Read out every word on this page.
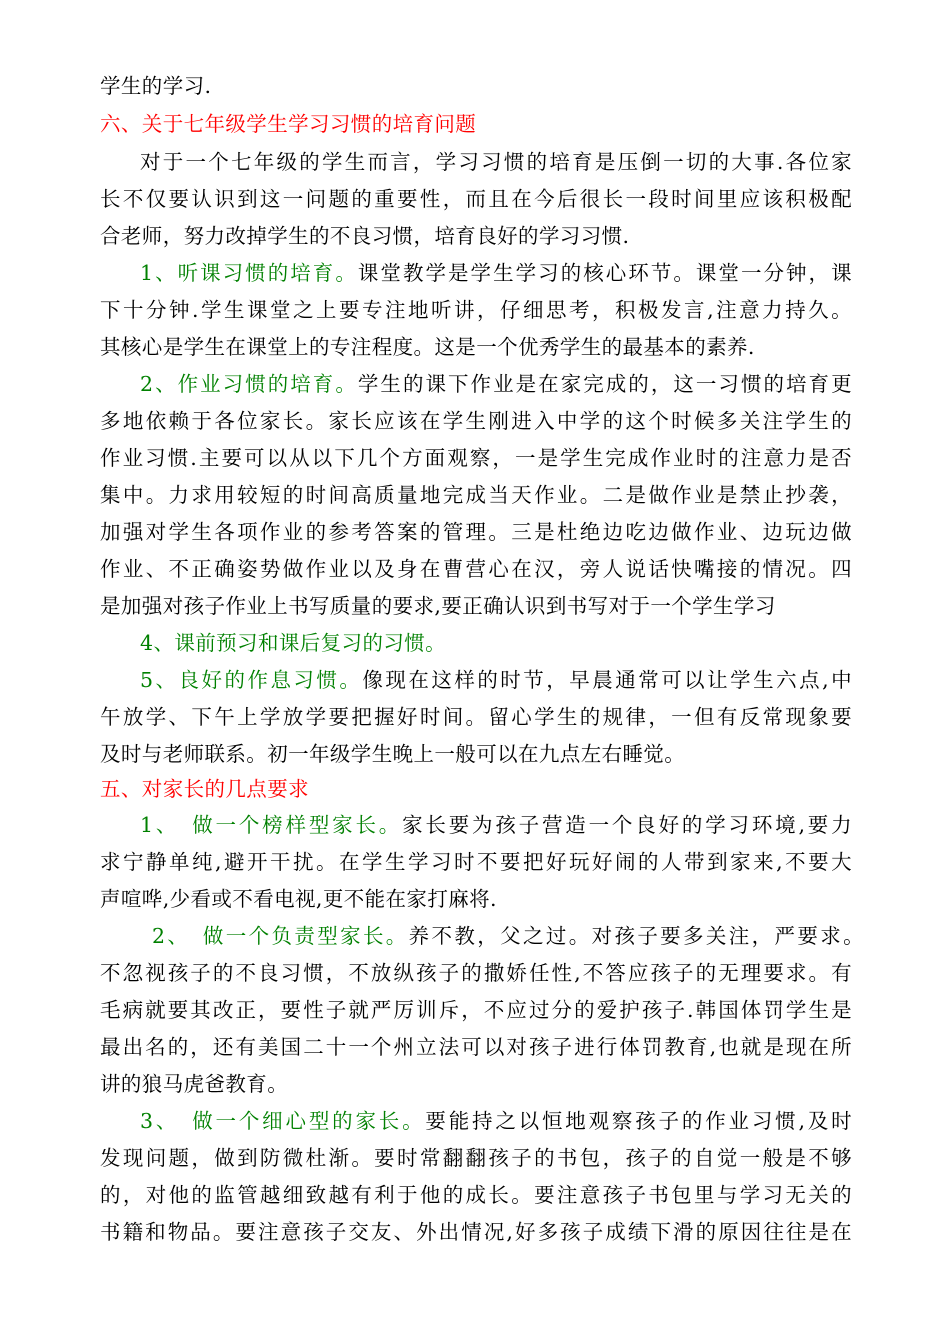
学生的学习.
六、关于七年级学生学习习惯的培育问题
对于一个七年级的学生而言，学习习惯的培育是压倒一切的大事.各位家
长不仅要认识到这一问题的重要性，而且在今后很长一段时间里应该积极配
合老师，努力改掉学生的不良习惯，培育良好的学习习惯.
1、听课习惯的培育。课堂教学是学生学习的核心环节。课堂一分钟，课
下十分钟.学生课堂之上要专注地听讲，仔细思考，积极发言,注意力持久。
其核心是学生在课堂上的专注程度。这是一个优秀学生的最基本的素养.
2、作业习惯的培育。学生的课下作业是在家完成的，这一习惯的培育更
多地依赖于各位家长。家长应该在学生刚进入中学的这个时候多关注学生的
作业习惯.主要可以从以下几个方面观察，一是学生完成作业时的注意力是否
集中。力求用较短的时间高质量地完成当天作业。二是做作业是禁止抄袭，
加强对学生各项作业的参考答案的管理。三是杜绝边吃边做作业、边玩边做
作业、不正确姿势做作业以及身在曹营心在汉，旁人说话快嘴接的情况。四
是加强对孩子作业上书写质量的要求,要正确认识到书写对于一个学生学习
4、课前预习和课后复习的习惯。
5、良好的作息习惯。像现在这样的时节，早晨通常可以让学生六点,中
午放学、下午上学放学要把握好时间。留心学生的规律，一但有反常现象要
及时与老师联系。初一年级学生晚上一般可以在九点左右睡觉。
五、对家长的几点要求
1、　做一个榜样型家长。家长要为孩子营造一个良好的学习环境,要力
求宁静单纯,避开干扰。在学生学习时不要把好玩好闹的人带到家来,不要大
声喧哗,少看或不看电视,更不能在家打麻将.
2、　做一个负责型家长。养不教，父之过。对孩子要多关注，严要求。
不忽视孩子的不良习惯，不放纵孩子的撒娇任性,不答应孩子的无理要求。有
毛病就要其改正，要性子就严厉训斥，不应过分的爱护孩子.韩国体罚学生是
最出名的，还有美国二十一个州立法可以对孩子进行体罚教育,也就是现在所
讲的狼马虎爸教育。
3、　做一个细心型的家长。要能持之以恒地观察孩子的作业习惯,及时
发现问题，做到防微杜渐。要时常翻翻孩子的书包，孩子的自觉一般是不够
的，对他的监管越细致越有利于他的成长。要注意孩子书包里与学习无关的
书籍和物品。要注意孩子交友、外出情况,好多孩子成绩下滑的原因往往是在
